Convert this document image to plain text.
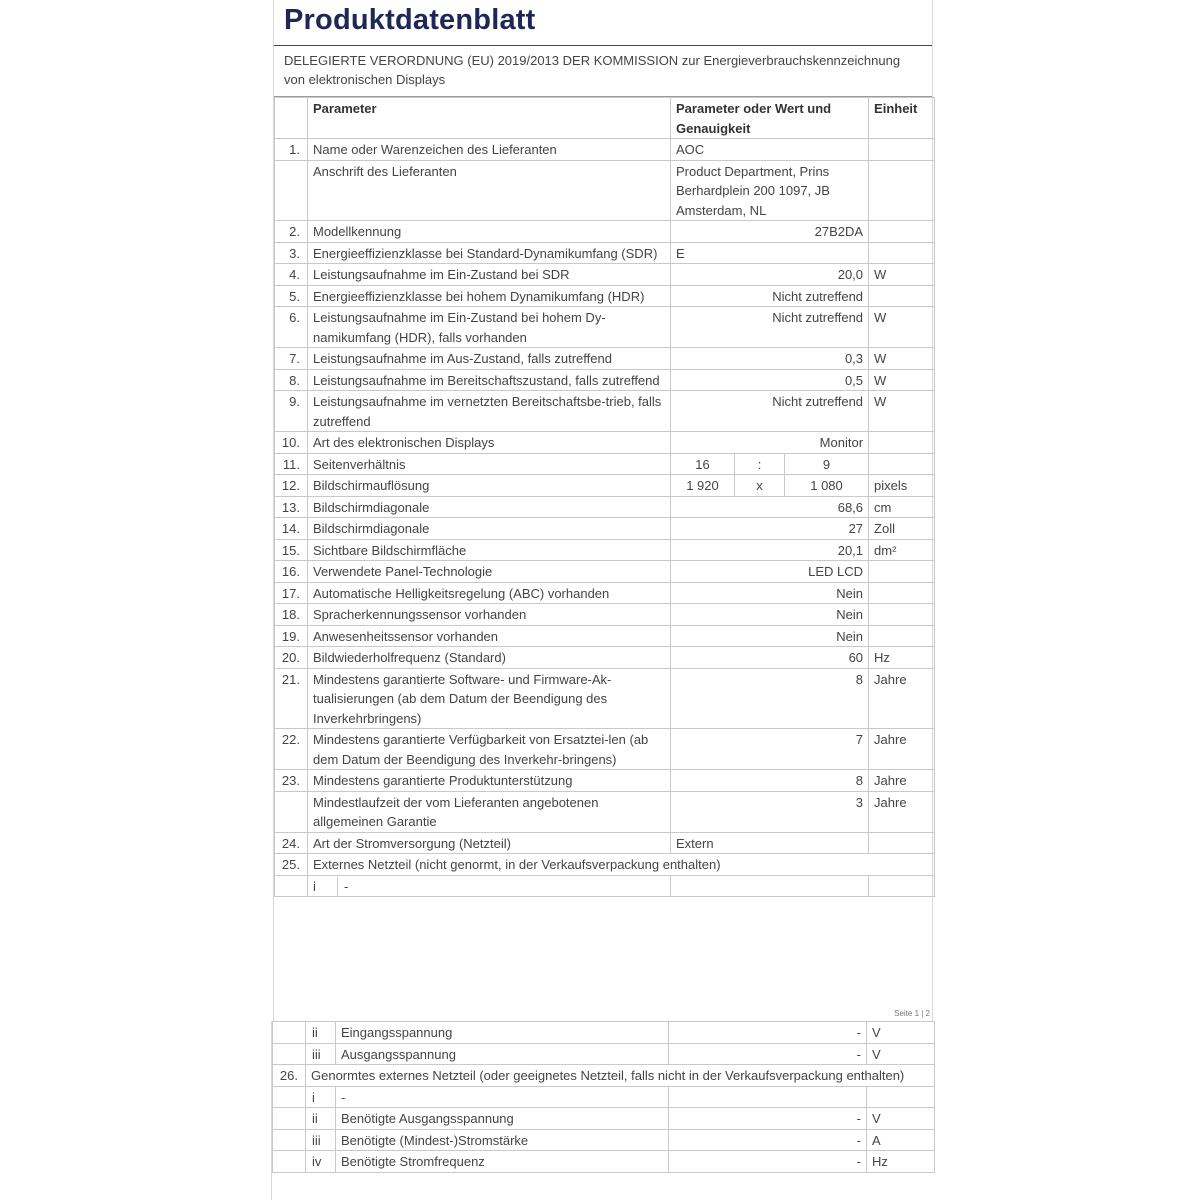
Produktdatenblatt
DELEGIERTE VERORDNUNG (EU) 2019/2013 DER KOMMISSION zur Energieverbrauchskennzeichnung von elektronischen Displays
	Parameter	Parameter oder Wert und Genauigkeit			Einheit
1.	Name oder Warenzeichen des Lieferanten	AOC			
	Anschrift des Lieferanten	Product Department, Prins Berhardplein 200 1097, JB Amsterdam, NL			
2.	Modellkennung	27B2DA			
3.	Energieeffizienzklasse bei Standard-Dynamikumfang (SDR)	E			
4.	Leistungsaufnahme im Ein-Zustand bei SDR	20,0			W
5.	Energieeffizienzklasse bei hohem Dynamikumfang (HDR)	Nicht zutreffend			
6.	Leistungsaufnahme im Ein-Zustand bei hohem Dy-namikumfang (HDR), falls vorhanden	Nicht zutreffend			W
7.	Leistungsaufnahme im Aus-Zustand, falls zutreffend	0,3			W
8.	Leistungsaufnahme im Bereitschaftszustand, falls zutreffend	0,5			W
9.	Leistungsaufnahme im vernetzten Bereitschaftsbe-trieb, falls zutreffend	Nicht zutreffend			W
10.	Art des elektronischen Displays	Monitor			
11.	Seitenverhältnis	16	:	9	
12.	Bildschirmauflösung	1 920	x	1 080	pixels
13.	Bildschirmdiagonale	68,6			cm
14.	Bildschirmdiagonale	27			Zoll
15.	Sichtbare Bildschirmfläche	20,1			dm²
16.	Verwendete Panel-Technologie	LED LCD			
17.	Automatische Helligkeitsregelung (ABC) vorhanden	Nein			
18.	Spracherkennungssensor vorhanden	Nein			
19.	Anwesenheitssensor vorhanden	Nein			
20.	Bildwiederholfrequenz (Standard)	60			Hz
21.	Mindestens garantierte Software- und Firmware-Ak-tualisierungen (ab dem Datum der Beendigung des Inverkehrbringens)	8			Jahre
22.	Mindestens garantierte Verfügbarkeit von Ersatztei-len (ab dem Datum der Beendigung des Inverkehr-bringens)	7			Jahre
23.	Mindestens garantierte Produktunterstützung	8			Jahre
	Mindestlaufzeit der vom Lieferanten angebotenen allgemeinen Garantie	3			Jahre
24.	Art der Stromversorgung (Netzteil)	Extern			
25.	Externes Netzteil (nicht genormt, in der Verkaufsverpackung enthalten)				
	i -				
Seite 1 | 2
	ii	Eingangsspannung	-	V
	iii	Ausgangsspannung	-	V
26.	Genormtes externes Netzteil (oder geeignetes Netzteil, falls nicht in der Verkaufsverpackung enthalten)			
	i	-		
	ii	Benötigte Ausgangsspannung	-	V
	iii	Benötigte (Mindest-)Stromstärke	-	A
	iv	Benötigte Stromfrequenz	-	Hz
